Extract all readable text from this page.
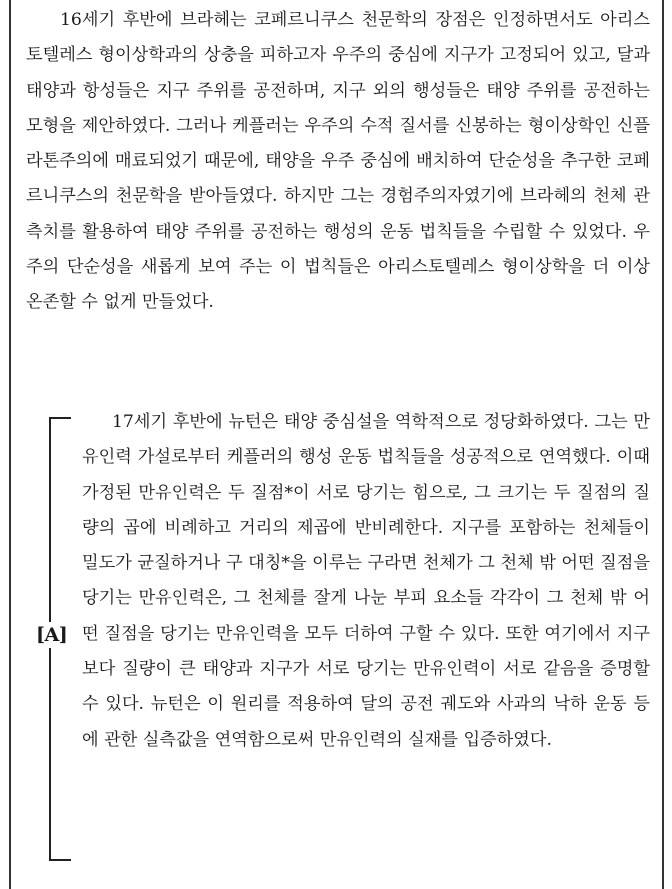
16세기 후반에 브라헤는 코페르니쿠스 천문학의 장점은 인정하면서도 아리스토텔레스 형이상학과의 상충을 피하고자 우주의 중심에 지구가 고정되어 있고, 달과 태양과 항성들은 지구 주위를 공전하며, 지구 외의 행성들은 태양 주위를 공전하는 모형을 제안하였다. 그러나 케플러는 우주의 수적 질서를 신봉하는 형이상학인 신플라톤주의에 매료되었기 때문에, 태양을 우주 중심에 배치하여 단순성을 추구한 코페르니쿠스의 천문학을 받아들였다. 하지만 그는 경험주의자였기에 브라헤의 천체 관측치를 활용하여 태양 주위를 공전하는 행성의 운동 법칙들을 수립할 수 있었다. 우주의 단순성을 새롭게 보여 주는 이 법칙들은 아리스토텔레스 형이상학을 더 이상 온존할 수 없게 만들었다.

[A]

17세기 후반에 뉴턴은 태양 중심설을 역학적으로 정당화하였다. 그는 만유인력 가설로부터 케플러의 행성 운동 법칙들을 성공적으로 연역했다. 이때 가정된 만유인력은 두 질점*이 서로 당기는 힘으로, 그 크기는 두 질점의 질량의 곱에 비례하고 거리의 제곱에 반비례한다. 지구를 포함하는 천체들이 밀도가 균질하거나 구 대칭*을 이루는 구라면 천체가 그 천체 밖 어떤 질점을 당기는 만유인력은, 그 천체를 잘게 나눈 부피 요소들 각각이 그 천체 밖 어떤 질점을 당기는 만유인력을 모두 더하여 구할 수 있다. 또한 여기에서 지구보다 질량이 큰 태양과 지구가 서로 당기는 만유인력이 서로 같음을 증명할 수 있다. 뉴턴은 이 원리를 적용하여 달의 공전 궤도와 사과의 낙하 운동 등에 관한 실측값을 연역함으로써 만유인력의 실재를 입증하였다.
